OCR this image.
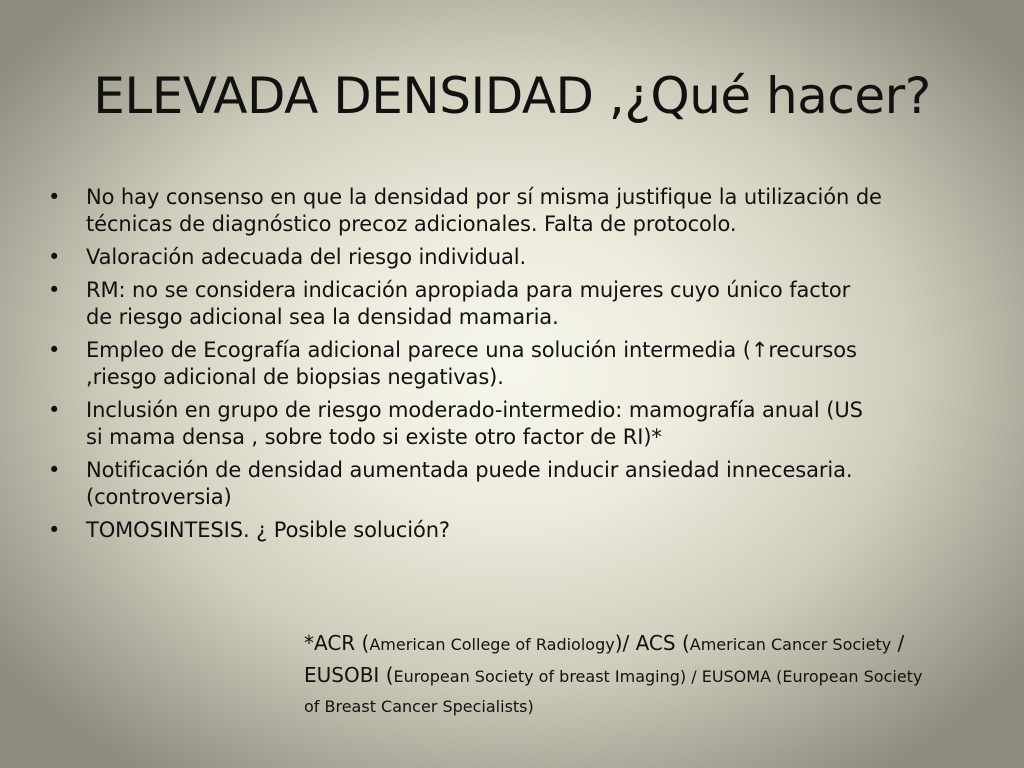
ELEVADA DENSIDAD ,¿Qué hacer?
•	No hay consenso en que la densidad por sí misma justifique la utilización de
técnicas de diagnóstico precoz adicionales. Falta de protocolo.
•	Valoración adecuada del riesgo individual.
•	RM: no se considera indicación apropiada para mujeres cuyo único factor
de riesgo adicional sea la densidad mamaria.
•	Empleo de Ecografía adicional parece una solución intermedia (↑recursos
,riesgo adicional de biopsias negativas).
•	Inclusión en grupo de riesgo moderado-intermedio: mamografía anual (US
si mama densa , sobre todo si existe otro factor de RI)*
•	Notificación de densidad aumentada puede inducir ansiedad innecesaria.
(controversia)
•	TOMOSINTESIS. ¿ Posible solución?

*ACR (American College of Radiology)/ ACS (American Cancer Society /
EUSOBI (European Society of breast Imaging) / EUSOMA (European Society
of Breast Cancer Specialists)
